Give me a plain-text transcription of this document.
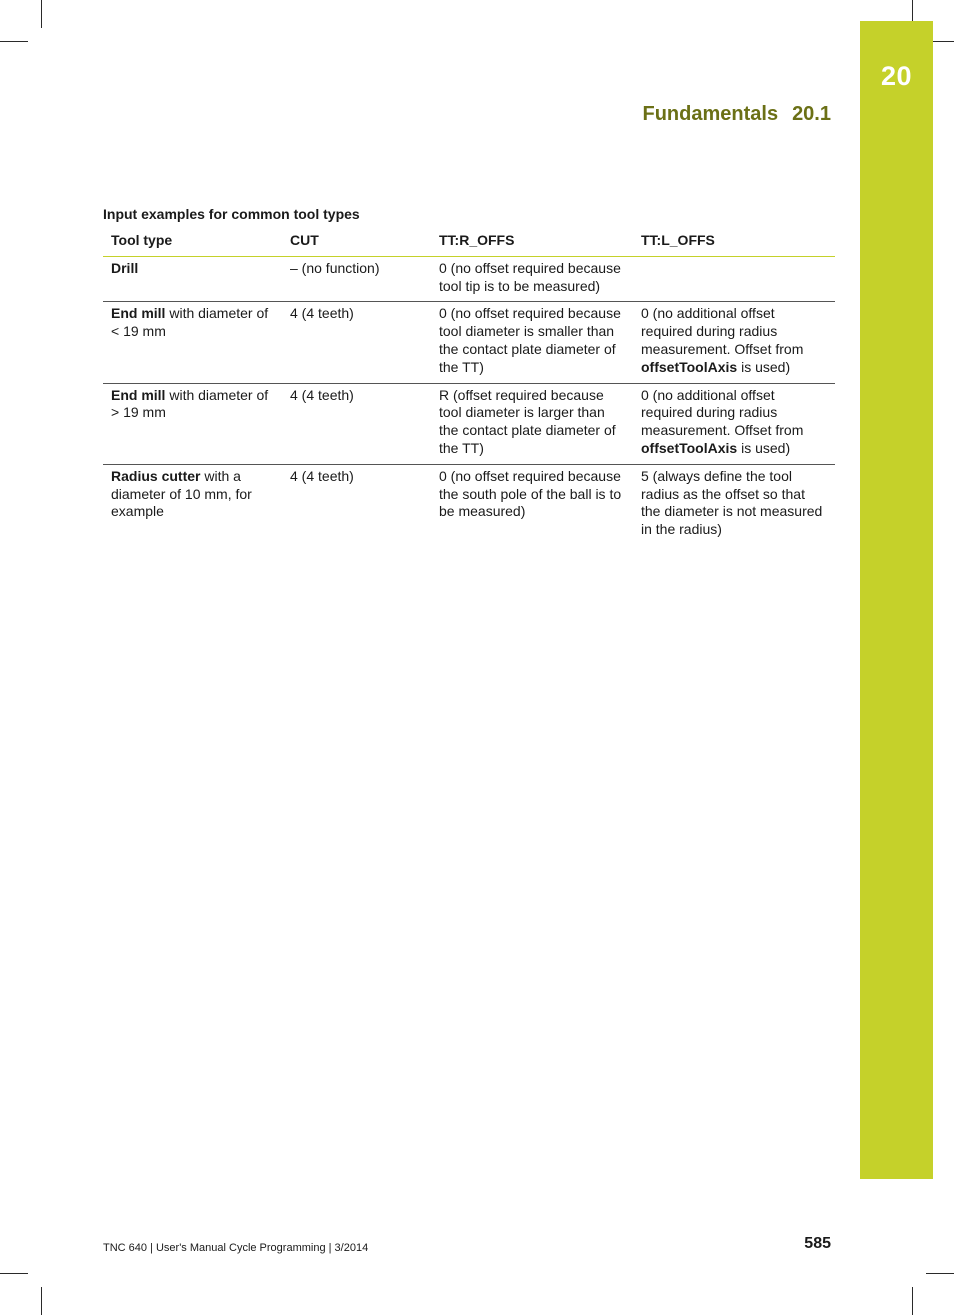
20
Fundamentals 20.1
Input examples for common tool types
Tool type	CUT	TT:R_OFFS	TT:L_OFFS
Drill	– (no function)	0 (no offset required because tool tip is to be measured)	
End mill with diameter of < 19 mm	4 (4 teeth)	0 (no offset required because tool diameter is smaller than the contact plate diameter of the TT)	0 (no additional offset required during radius measurement. Offset from offsetToolAxis is used)
End mill with diameter of > 19 mm	4 (4 teeth)	R (offset required because tool diameter is larger than the contact plate diameter of the TT)	0 (no additional offset required during radius measurement. Offset from offsetToolAxis is used)
Radius cutter with a diameter of 10 mm, for example	4 (4 teeth)	0 (no offset required because the south pole of the ball is to be measured)	5 (always define the tool radius as the offset so that the diameter is not measured in the radius)
TNC 640 | User's Manual Cycle Programming | 3/2014	585
